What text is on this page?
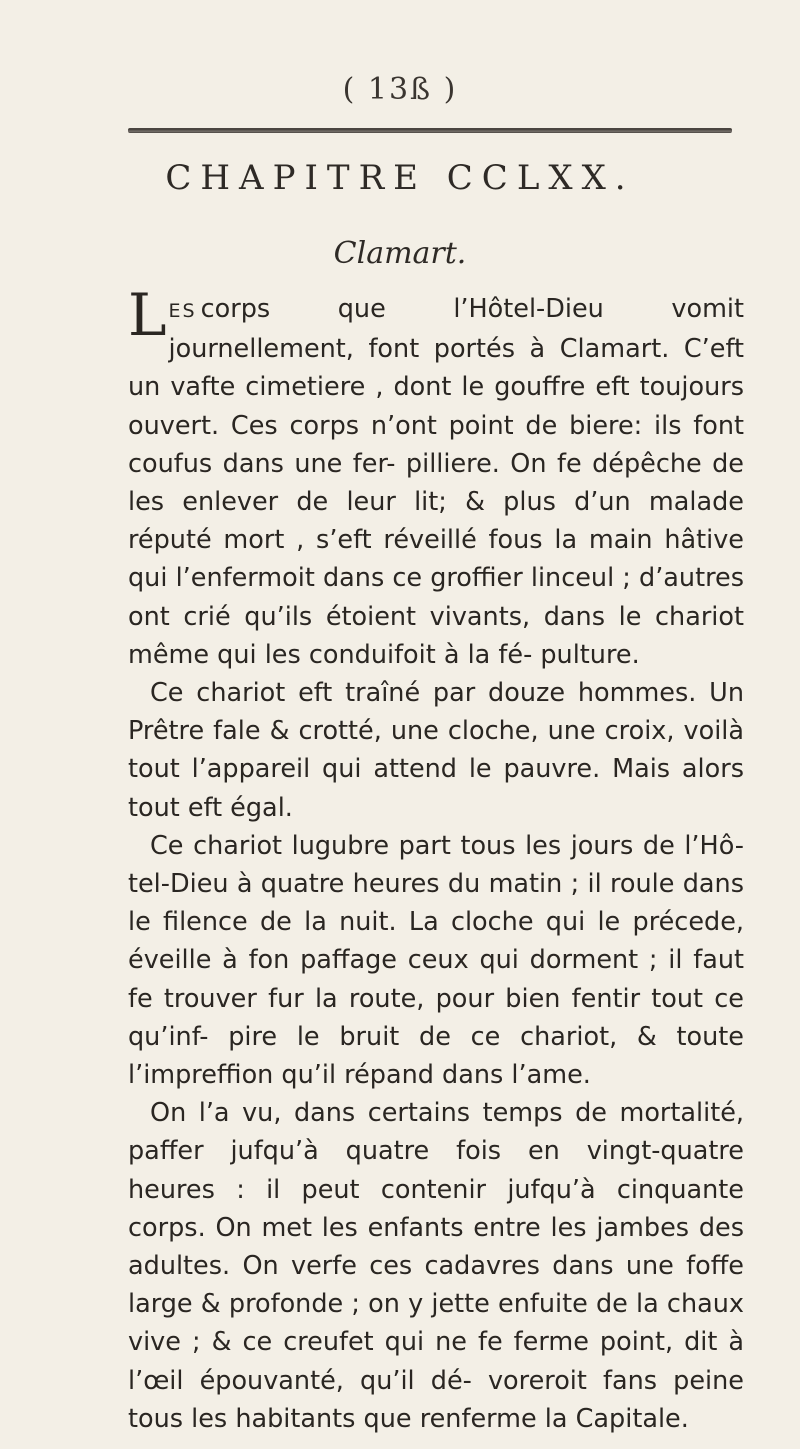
( 13ß )
CHAPITRE CCLXX.
Clamart.

LES corps que l’Hôtel-Dieu vomit journellement, font portés à Clamart. C’eft un vafte cimetiere , dont le gouffre eft toujours ouvert. Ces corps n’ont point de biere: ils font coufus dans une fer- pilliere. On fe dépêche de les enlever de leur lit; & plus d’un malade réputé mort , s’eft réveillé fous la main hâtive qui l’enfermoit dans ce groffier linceul ; d’autres ont crié qu’ils étoient vivants, dans le chariot même qui les conduifoit à la fé- pulture.

Ce chariot eft traîné par douze hommes. Un Prêtre fale & crotté, une cloche, une croix, voilà tout l’appareil qui attend le pauvre. Mais alors tout eft égal.

Ce chariot lugubre part tous les jours de l’Hô- tel-Dieu à quatre heures du matin ; il roule dans le filence de la nuit. La cloche qui le précede, éveille à fon paffage ceux qui dorment ; il faut fe trouver fur la route, pour bien fentir tout ce qu’inf- pire le bruit de ce chariot, & toute l’impreffion qu’il répand dans l’ame.

On l’a vu, dans certains temps de mortalité, paffer jufqu’à quatre fois en vingt-quatre heures : il peut contenir jufqu’à cinquante corps. On met les enfants entre les jambes des adultes. On verfe ces cadavres dans une foffe large & profonde ; on y jette enfuite de la chaux vive ; & ce creufet qui ne fe ferme point, dit à l’œil épouvanté, qu’il dé- voreroit fans peine tous les habitants que renferme la Capitale.
